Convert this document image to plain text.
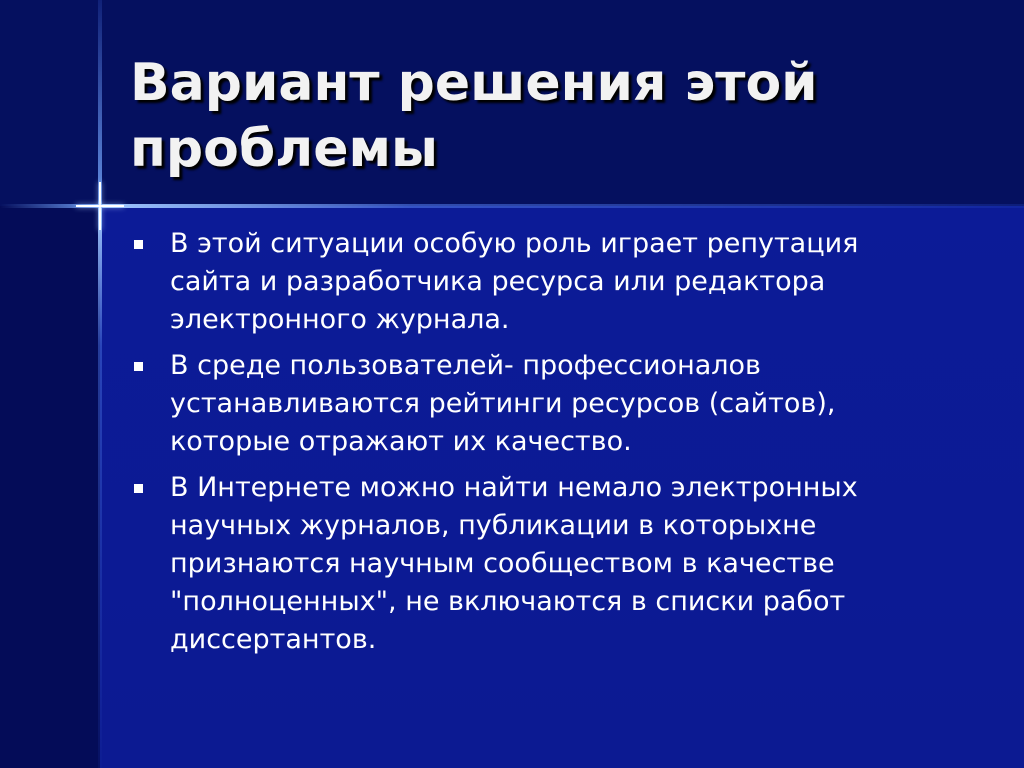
Вариант решения этой проблемы
В этой ситуации особую роль играет репутация сайта и разработчика ресурса или редактора электронного журнала.
В среде пользователей- профессионалов устанавливаются рейтинги ресурсов (сайтов), которые отражают их качество.
В Интернете можно найти немало электронных научных журналов, публикации в которыхне признаются научным сообществом в качестве "полноценных", не включаются в списки работ диссертантов.
